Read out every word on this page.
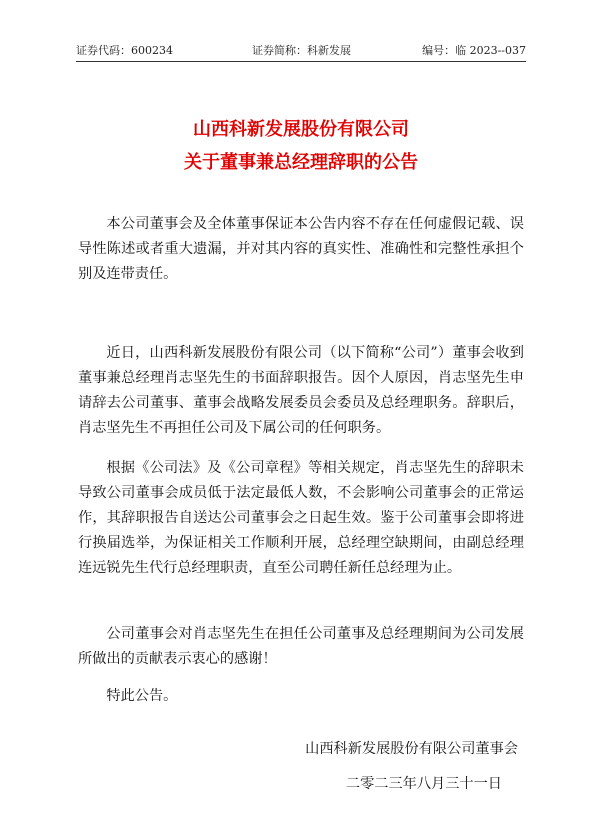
证券代码：600234	证券简称：科新发展	编号：临 2023--037
山西科新发展股份有限公司
关于董事兼总经理辞职的公告

本公司董事会及全体董事保证本公告内容不存在任何虚假记载、误导性陈述或者重大遗漏，并对其内容的真实性、准确性和完整性承担个别及连带责任。

近日，山西科新发展股份有限公司（以下简称“公司”）董事会收到董事兼总经理肖志坚先生的书面辞职报告。因个人原因，肖志坚先生申请辞去公司董事、董事会战略发展委员会委员及总经理职务。辞职后，肖志坚先生不再担任公司及下属公司的任何职务。

根据《公司法》及《公司章程》等相关规定，肖志坚先生的辞职未导致公司董事会成员低于法定最低人数，不会影响公司董事会的正常运作，其辞职报告自送达公司董事会之日起生效。鉴于公司董事会即将进行换届选举，为保证相关工作顺利开展，总经理空缺期间，由副总经理连远锐先生代行总经理职责，直至公司聘任新任总经理为止。

公司董事会对肖志坚先生在担任公司董事及总经理期间为公司发展所做出的贡献表示衷心的感谢！

特此公告。

山西科新发展股份有限公司董事会
二零二三年八月三十一日
